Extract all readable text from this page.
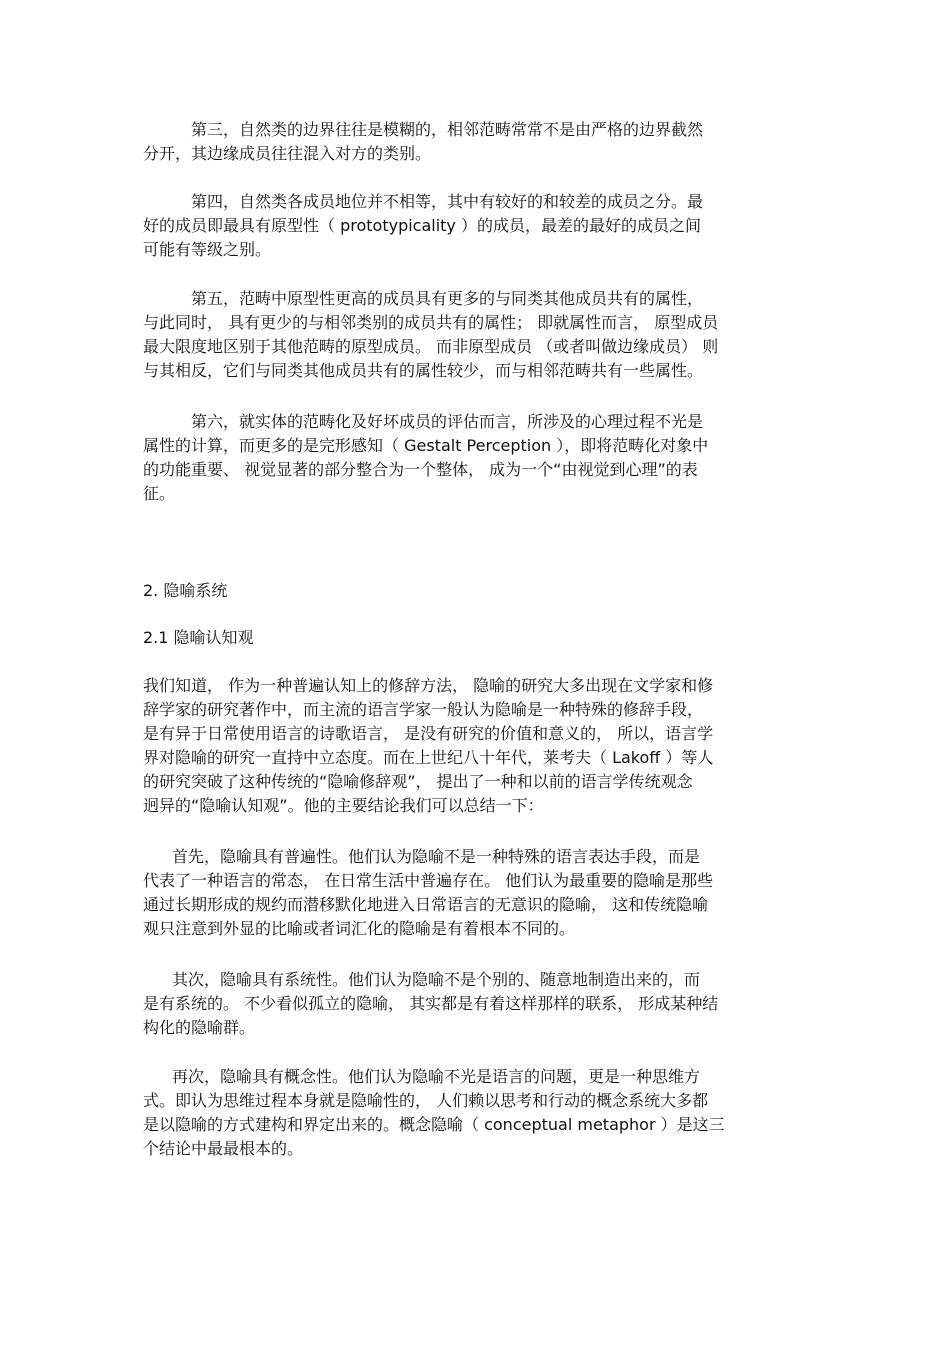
第三，自然类的边界往往是模糊的，相邻范畴常常不是由严格的边界截然
分开，其边缘成员往往混入对方的类别。

第四，自然类各成员地位并不相等，其中有较好的和较差的成员之分。最
好的成员即最具有原型性（ prototypicality ）的成员，最差的最好的成员之间
可能有等级之别。

第五，范畴中原型性更高的成员具有更多的与同类其他成员共有的属性，
与此同时， 具有更少的与相邻类别的成员共有的属性； 即就属性而言， 原型成员
最大限度地区别于其他范畴的原型成员。 而非原型成员 （或者叫做边缘成员） 则
与其相反，它们与同类其他成员共有的属性较少，而与相邻范畴共有一些属性。

第六，就实体的范畴化及好坏成员的评估而言，所涉及的心理过程不光是
属性的计算，而更多的是完形感知（ Gestalt Perception ），即将范畴化对象中
的功能重要、 视觉显著的部分整合为一个整体， 成为一个“由视觉到心理”的表
征。

2. 隐喻系统
2.1 隐喻认知观

我们知道， 作为一种普遍认知上的修辞方法， 隐喻的研究大多出现在文学家和修
辞学家的研究著作中，而主流的语言学家一般认为隐喻是一种特殊的修辞手段，
是有异于日常使用语言的诗歌语言， 是没有研究的价值和意义的， 所以，语言学
界对隐喻的研究一直持中立态度。而在上世纪八十年代，莱考夫（ Lakoff ）等人
的研究突破了这种传统的“隐喻修辞观”， 提出了一种和以前的语言学传统观念
迥异的“隐喻认知观”。他的主要结论我们可以总结一下：

首先，隐喻具有普遍性。他们认为隐喻不是一种特殊的语言表达手段，而是
代表了一种语言的常态， 在日常生活中普遍存在。 他们认为最重要的隐喻是那些
通过长期形成的规约而潜移默化地进入日常语言的无意识的隐喻， 这和传统隐喻
观只注意到外显的比喻或者词汇化的隐喻是有着根本不同的。

其次，隐喻具有系统性。他们认为隐喻不是个别的、随意地制造出来的，而
是有系统的。 不少看似孤立的隐喻， 其实都是有着这样那样的联系， 形成某种结
构化的隐喻群。

再次，隐喻具有概念性。他们认为隐喻不光是语言的问题，更是一种思维方
式。即认为思维过程本身就是隐喻性的， 人们赖以思考和行动的概念系统大多都
是以隐喻的方式建构和界定出来的。概念隐喻（ conceptual metaphor ）是这三
个结论中最最根本的。
